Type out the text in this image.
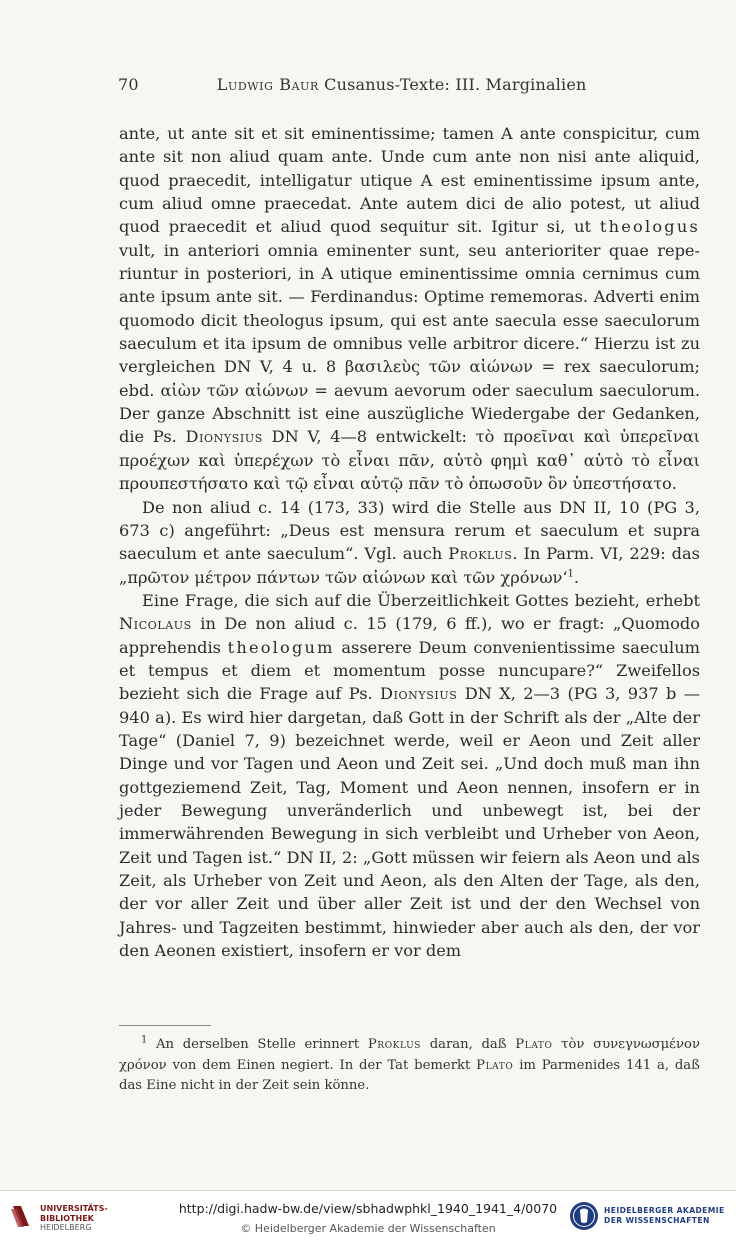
70	Ludwig Baur Cusanus-Texte: III. Marginalien

ante, ut ante sit et sit eminentissime; tamen A ante conspicitur, cum ante sit non aliud quam ante. Unde cum ante non nisi ante aliquid, quod praecedit, intelligatur utique A est eminentissime ipsum ante, cum aliud omne praecedat. Ante autem dici de alio potest, ut aliud quod praecedit et aliud quod sequitur sit. Igitur si, ut theologus vult, in anteriori omnia eminenter sunt, seu anterioriter quae reperiuntur in posteriori, in A utique eminentissime omnia cernimus cum ante ipsum ante sit. — Ferdinandus: Optime rememoras. Adverti enim quomodo dicit theologus ipsum, qui est ante saecula esse saeculorum saeculum et ita ipsum de omnibus velle arbitror dicere.“ Hierzu ist zu vergleichen DN V, 4 u. 8 βασιλεὺς τῶν αἰώνων = rex saeculorum; ebd. αἰὼν τῶν αἰώνων = aevum aevorum oder saeculum saeculorum. Der ganze Abschnitt ist eine auszügliche Wiedergabe der Gedanken, die Ps. Dionysius DN V, 4—8 entwickelt: τὸ προεῖναι καὶ ὑπερεῖναι προέχων καὶ ὑπερέχων τὸ εἶναι πᾶν, αὐτὸ φημὶ καθ᾽ αὑτὸ τὸ εἶναι προυπεστήσατο καὶ τῷ εἶναι αὐτῷ πᾶν τὸ ὁπωσοῦν ὂν ὑπεστήσατο.

De non aliud c. 14 (173, 33) wird die Stelle aus DN II, 10 (PG 3, 673 c) angeführt: „Deus est mensura rerum et saeculum et supra saeculum et ante saeculum“. Vgl. auch Proklus. In Parm. VI, 229: das „πρῶτον μέτρον πάντων τῶν αἰώνων καὶ τῶν χρόνων‘$^1$.

Eine Frage, die sich auf die Überzeitlichkeit Gottes bezieht, erhebt Nicolaus in De non aliud c. 15 (179, 6 ff.), wo er fragt: „Quomodo apprehendis theologum asserere Deum convenientissime saeculum et tempus et diem et momentum posse nuncupare?“ Zweifellos bezieht sich die Frage auf Ps. Dionysius DN X, 2—3 (PG 3, 937 b — 940 a). Es wird hier dargetan, daß Gott in der Schrift als der „Alte der Tage“ (Daniel 7, 9) bezeichnet werde, weil er Aeon und Zeit aller Dinge und vor Tagen und Aeon und Zeit sei. „Und doch muß man ihn gottgeziemend Zeit, Tag, Moment und Aeon nennen, insofern er in jeder Bewegung unveränderlich und unbewegt ist, bei der immerwährenden Bewegung in sich verbleibt und Urheber von Aeon, Zeit und Tagen ist.“ DN II, 2: „Gott müssen wir feiern als Aeon und als Zeit, als Urheber von Zeit und Aeon, als den Alten der Tage, als den, der vor aller Zeit und über aller Zeit ist und der den Wechsel von Jahres- und Tagzeiten bestimmt, hinwieder aber auch als den, der vor den Aeonen existiert, insofern er vor dem

$^1$ An derselben Stelle erinnert Proklus daran, daß Plato τὸν συνεγνωσμένον χρόνον von dem Einen negiert. In der Tat bemerkt Plato im Parmenides 141 a, daß das Eine nicht in der Zeit sein könne.

UNIVERSITÄTS-
BIBLIOTHEK
HEIDELBERG
http://digi.hadw-bw.de/view/sbhadwphkl_1940_1941_4/0070
© Heidelberger Akademie der Wissenschaften
HEIDELBERGER AKADEMIE
DER WISSENSCHAFTEN
